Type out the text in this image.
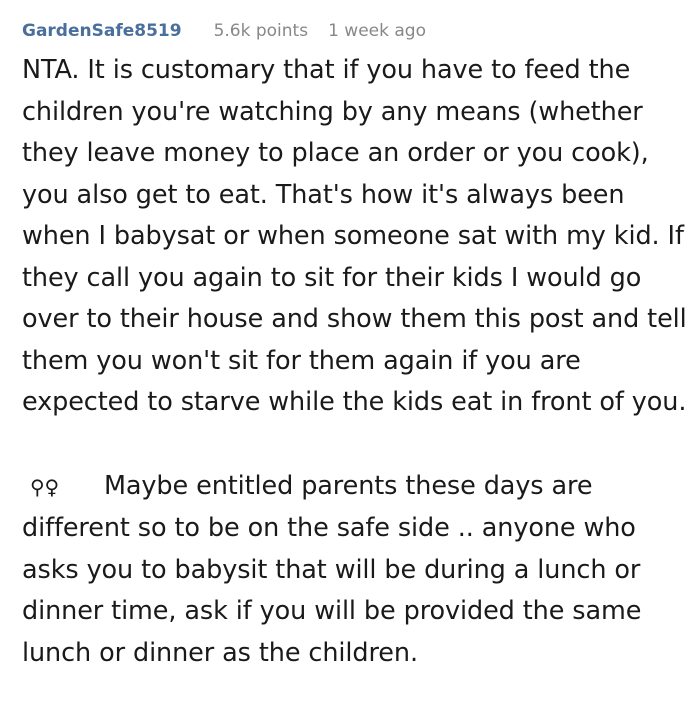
GardenSafe8519 5.6k points 1 week ago

NTA. It is customary that if you have to feed the children you're watching by any means (whether they leave money to place an order or you cook), you also get to eat. That's how it's always been when I babysat or when someone sat with my kid. If they call you again to sit for their kids I would go over to their house and show them this post and tell them you won't sit for them again if you are expected to starve while the kids eat in front of you.

⚲♀ Maybe entitled parents these days are different so to be on the safe side .. anyone who asks you to babysit that will be during a lunch or dinner time, ask if you will be provided the same lunch or dinner as the children.
